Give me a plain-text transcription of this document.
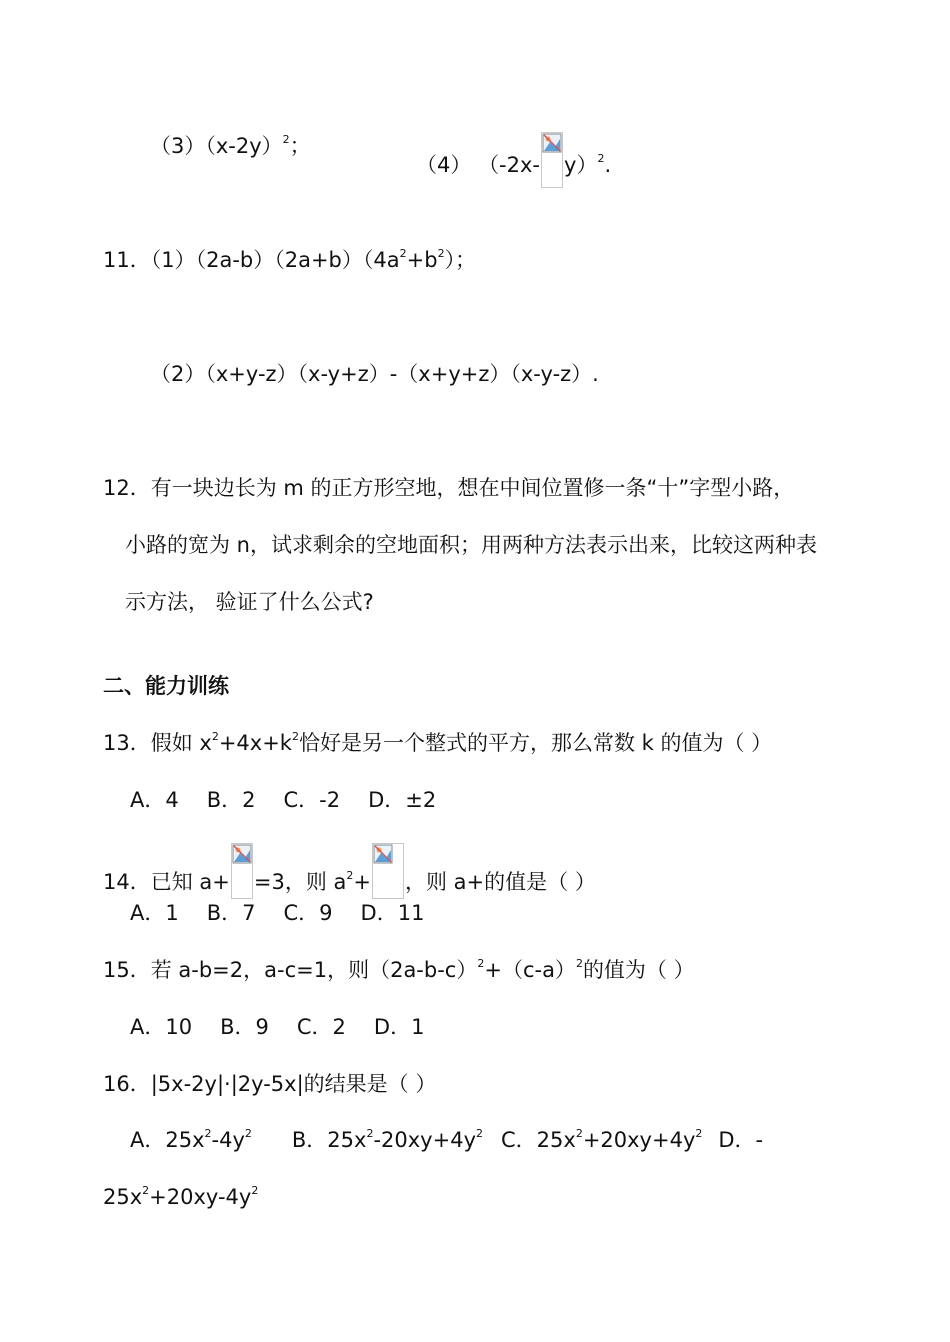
$(3)(x-2y)^2$；
（4） （-2x- y）$^2$.
11．$(1)(2a-b)(2a+b)(4a^2+b^2)$；
（2）（x+y-z）（x-y+z）-（x+y+z）（x-y-z）.
12．有一块边长为 m 的正方形空地，想在中间位置修一条“十”字型小路，
小路的宽为 n，试求剩余的空地面积；用两种方法表示出来，比较这两种表
示方法， 验证了什么公式?
二、能力训练
13．假如 $x^2+4x+k^2$恰好是另一个整式的平方，那么常数 k 的值为（ ）
A．4 B．2 C．-2 D．±2
14．已知 a+ =3，则 $a^2+$ ，则 a+的值是（ ）
A．1 B．7 C．9 D．11
15．若 a-b=2，a-c=1，则$(2a-b-c)^2+(c-a)^2$的值为（ ）
A．10 B．9 C．2 D．1
16．|5x-2y|·|2y-5x|的结果是（ ）
A．$25x^2-4y^2$ B．$25x^2-20xy+4y^2$ C．$25x^2+20xy+4y^2$ D．-
$25x^2+20xy-4y^2$
